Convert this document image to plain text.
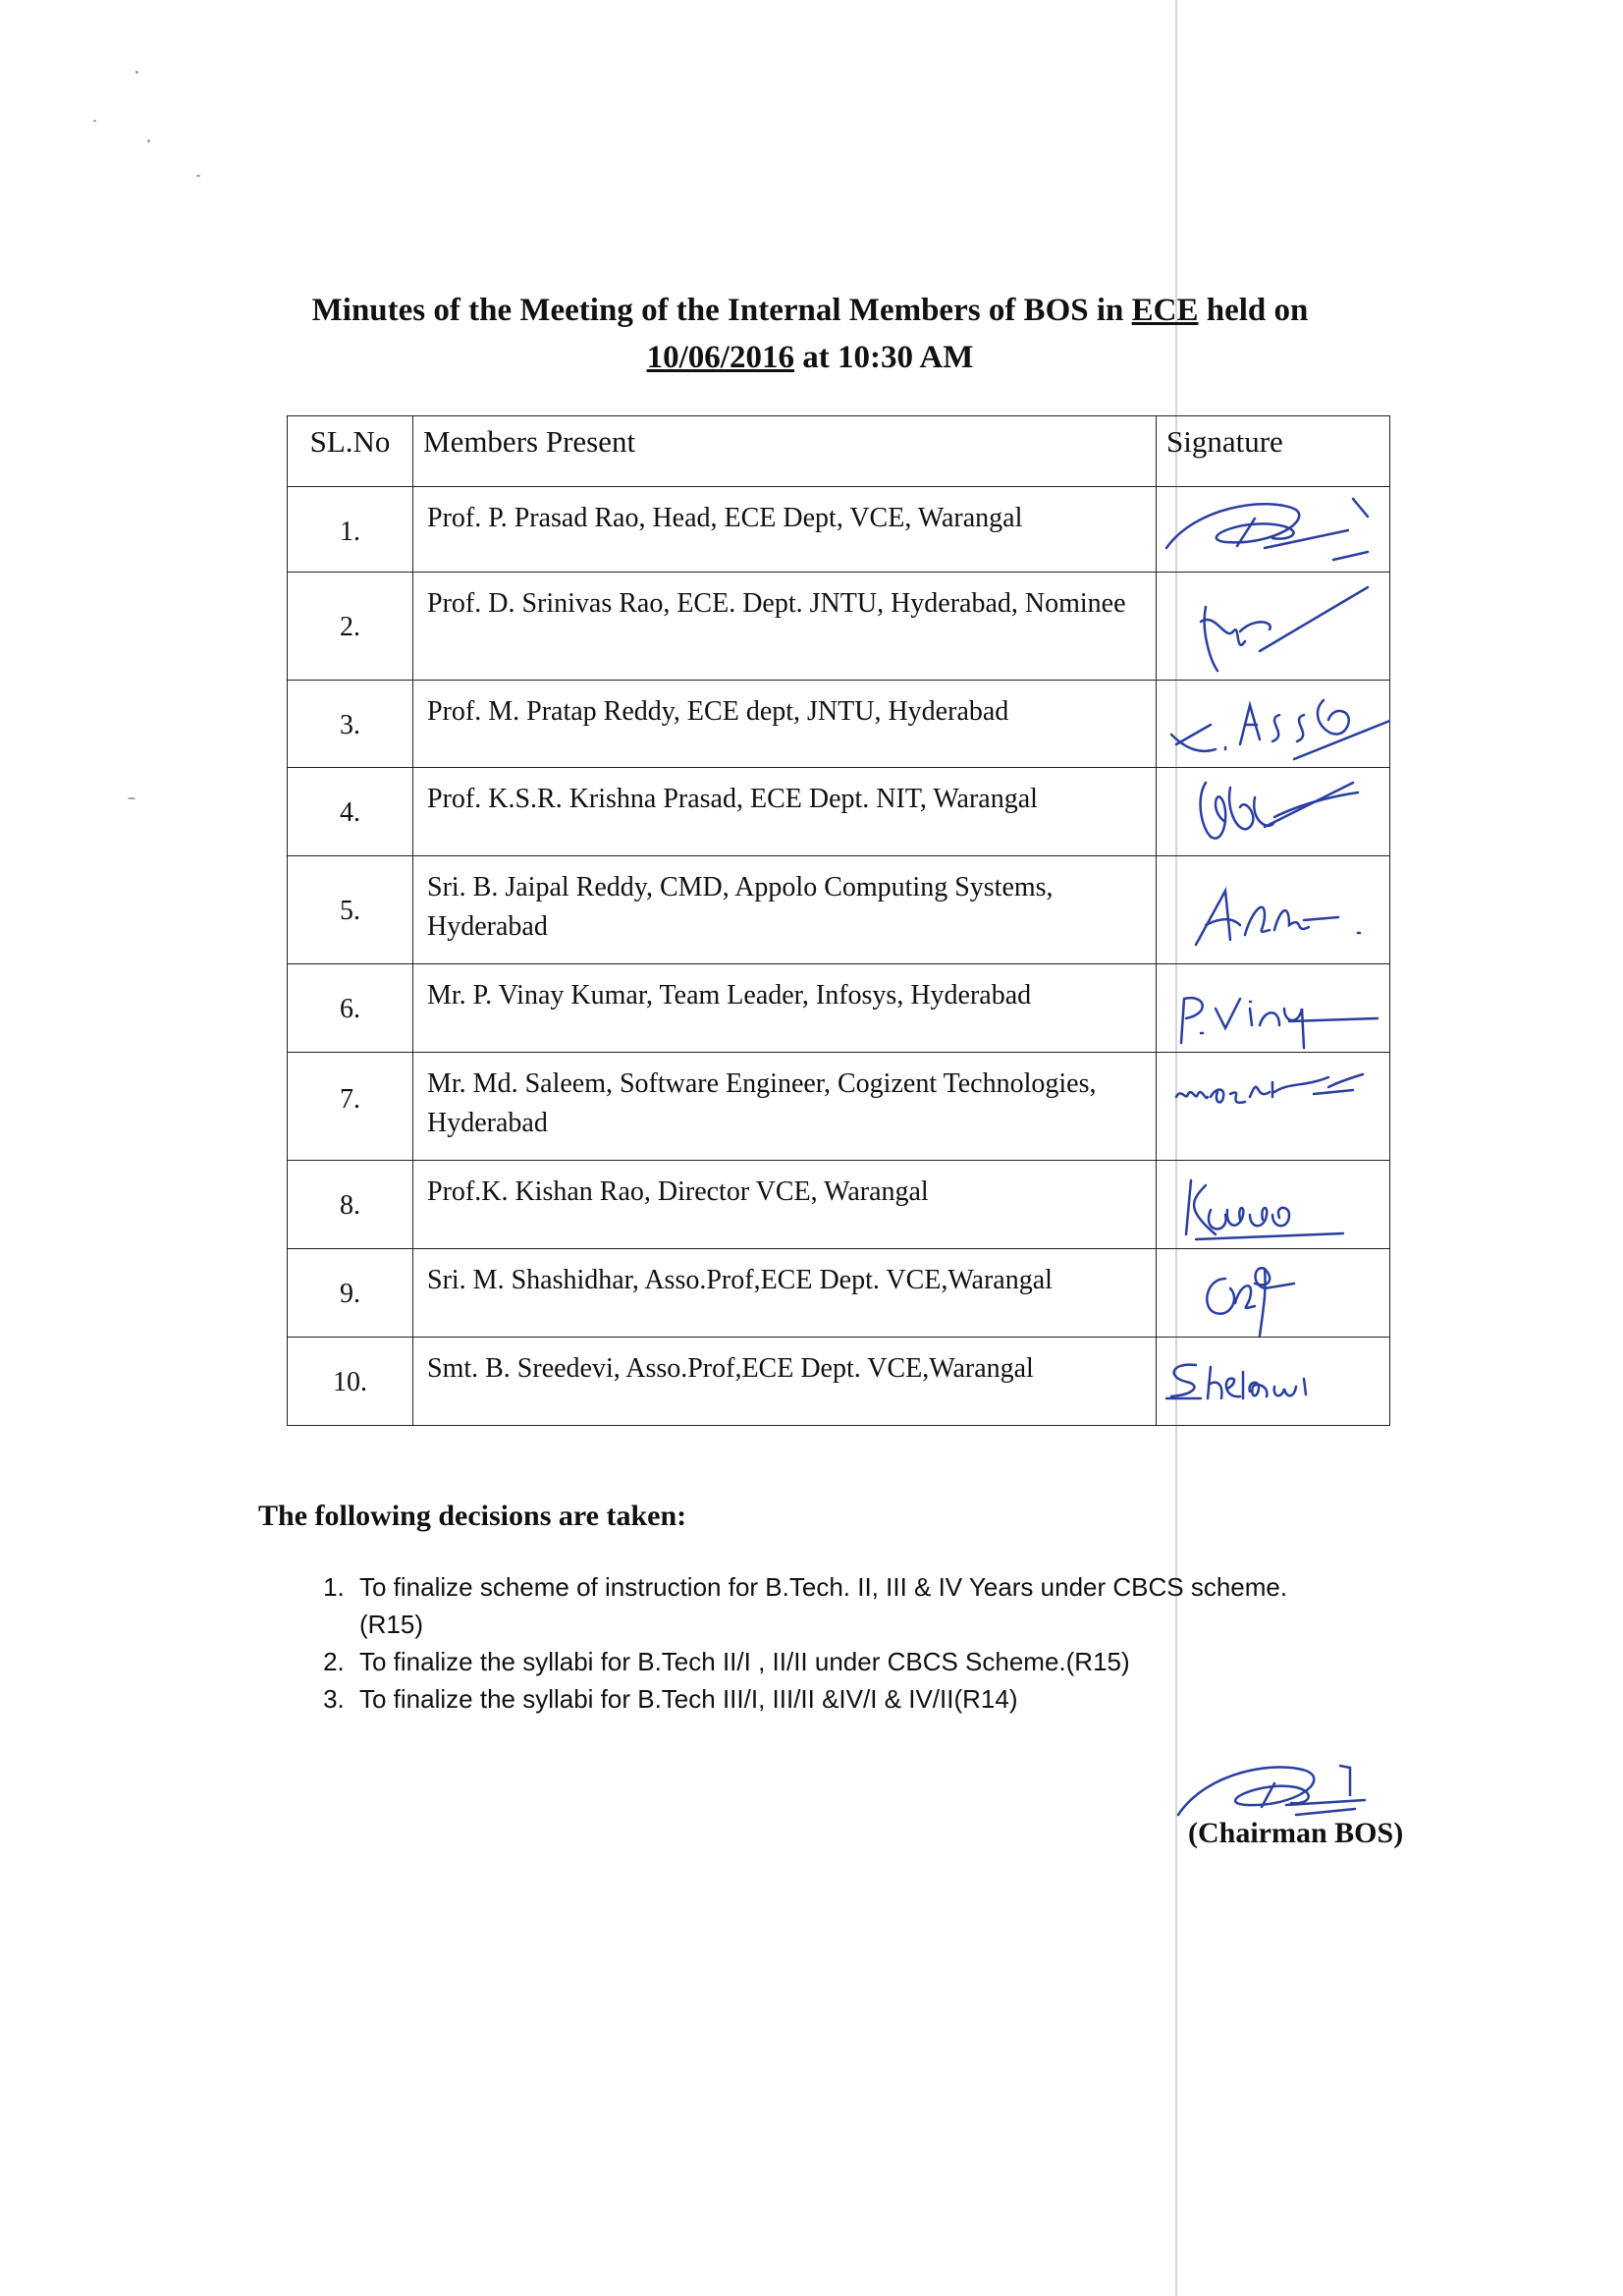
Minutes of the Meeting of the Internal Members of BOS in ECE held on
10/06/2016 at 10:30 AM
SL.No	Members Present	Signature

1.	Prof. P. Prasad Rao, Head, ECE Dept, VCE, Warangal

2.	Prof. D. Srinivas Rao, ECE. Dept. JNTU, Hyderabad, Nominee

3.	Prof. M. Pratap Reddy, ECE dept, JNTU, Hyderabad

4.	Prof. K.S.R. Krishna Prasad, ECE Dept. NIT, Warangal

5.	Sri. B. Jaipal Reddy, CMD, Appolo Computing Systems, Hyderabad

6.	Mr. P. Vinay Kumar, Team Leader, Infosys, Hyderabad

7.	Mr. Md. Saleem, Software Engineer, Cogizent Technologies, Hyderabad

8.	Prof.K. Kishan Rao, Director VCE, Warangal

9.	Sri. M. Shashidhar, Asso.Prof,ECE Dept. VCE,Warangal

10.	Smt. B. Sreedevi, Asso.Prof,ECE Dept. VCE,Warangal

The following decisions are taken:
1. To finalize scheme of instruction for B.Tech. II, III & IV Years under CBCS scheme.(R15)
2. To finalize the syllabi for B.Tech II/I , II/II under CBCS Scheme.(R15)
3. To finalize the syllabi for B.Tech III/I, III/II &IV/I & IV/II(R14)
(Chairman BOS)
